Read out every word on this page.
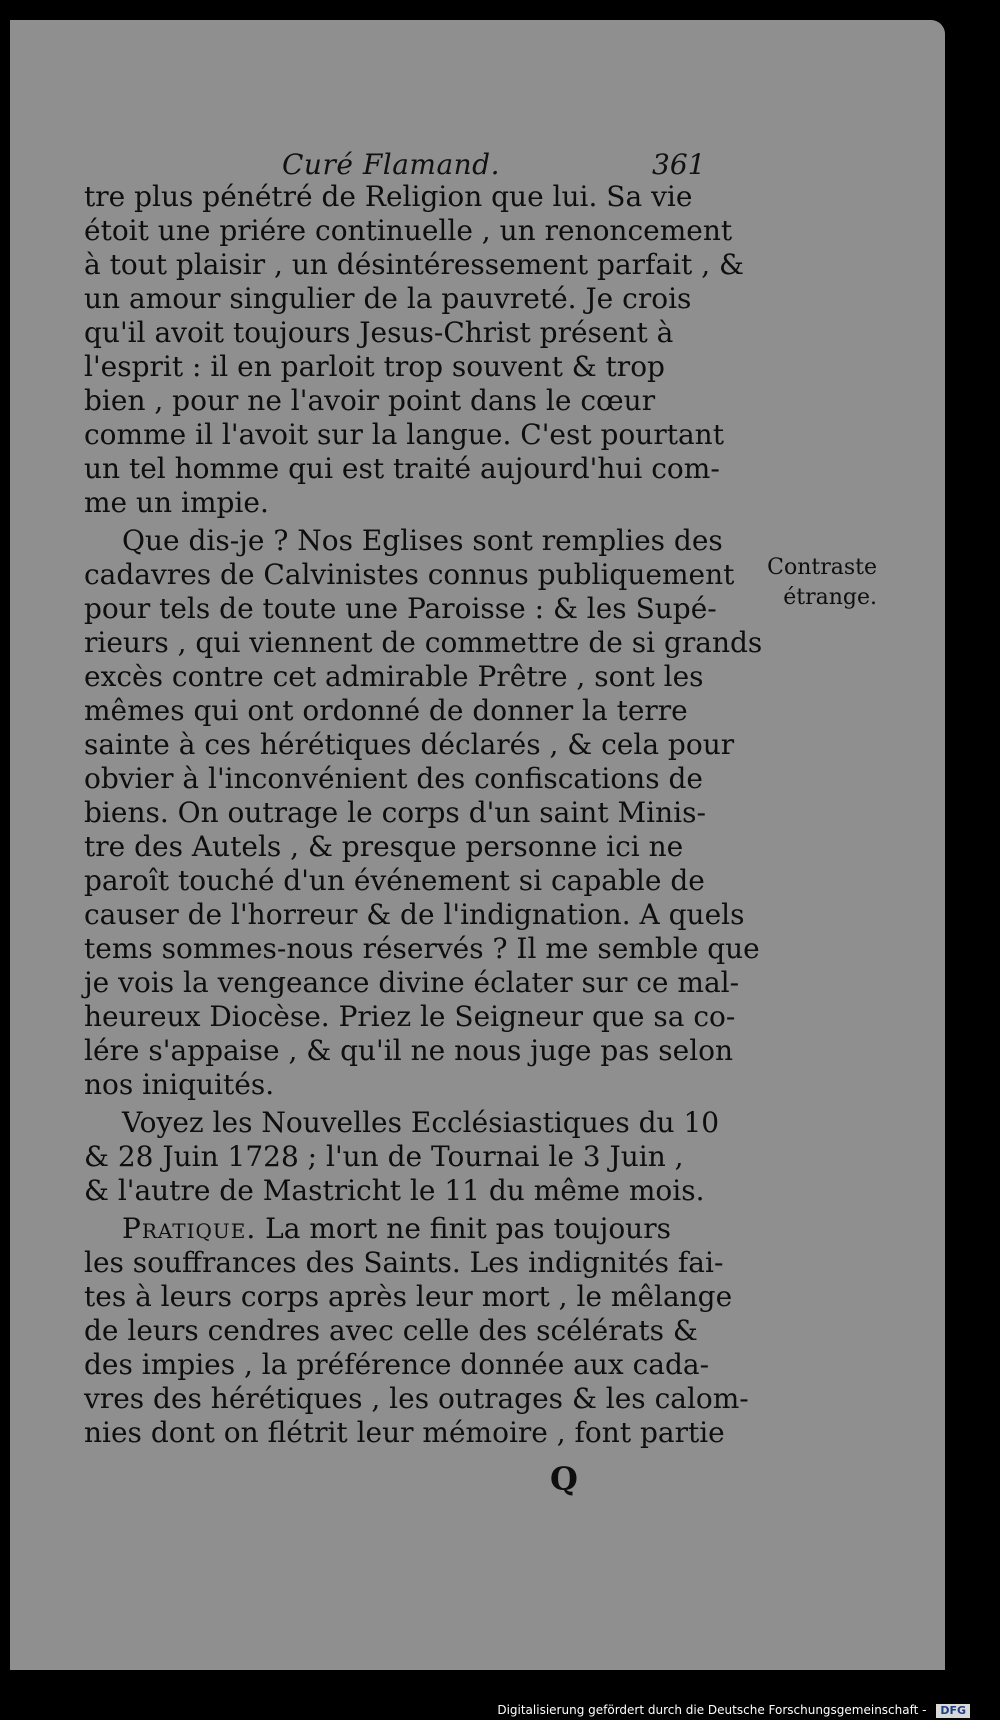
Curé Flamand.	361
tre plus pénétré de Religion que lui. Sa vie
étoit une priére continuelle , un renoncement
à tout plaisir , un désintéressement parfait , &
un amour singulier de la pauvreté. Je crois
qu'il avoit toujours Jesus-Christ présent à
l'esprit : il en parloit trop souvent & trop
bien , pour ne l'avoir point dans le cœur
comme il l'avoit sur la langue. C'est pourtant
un tel homme qui est traité aujourd'hui com-
me un impie.
Que dis-je ? Nos Eglises sont remplies des
cadavres de Calvinistes connus publiquement
pour tels de toute une Paroisse : & les Supé-
rieurs , qui viennent de commettre de si grands
excès contre cet admirable Prêtre , sont les
mêmes qui ont ordonné de donner la terre
sainte à ces hérétiques déclarés , & cela pour
obvier à l'inconvénient des confiscations de
biens. On outrage le corps d'un saint Minis-
tre des Autels , & presque personne ici ne
paroît touché d'un événement si capable de
causer de l'horreur & de l'indignation. A quels
tems sommes-nous réservés ? Il me semble que
je vois la vengeance divine éclater sur ce mal-
heureux Diocèse. Priez le Seigneur que sa co-
lére s'appaise , & qu'il ne nous juge pas selon
nos iniquités.
Voyez les Nouvelles Ecclésiastiques du 10
& 28 Juin 1728 ; l'un de Tournai le 3 Juin ,
& l'autre de Mastricht le 11 du même mois.
Pratique. La mort ne finit pas toujours
les souffrances des Saints. Les indignités fai-
tes à leurs corps après leur mort , le mêlange
de leurs cendres avec celle des scélérats &
des impies , la préférence donnée aux cada-
vres des hérétiques , les outrages & les calom-
nies dont on flétrit leur mémoire , font partie
Contraste
étrange.
Q
Digitalisierung gefördert durch die Deutsche Forschungsgemeinschaft - DFG
